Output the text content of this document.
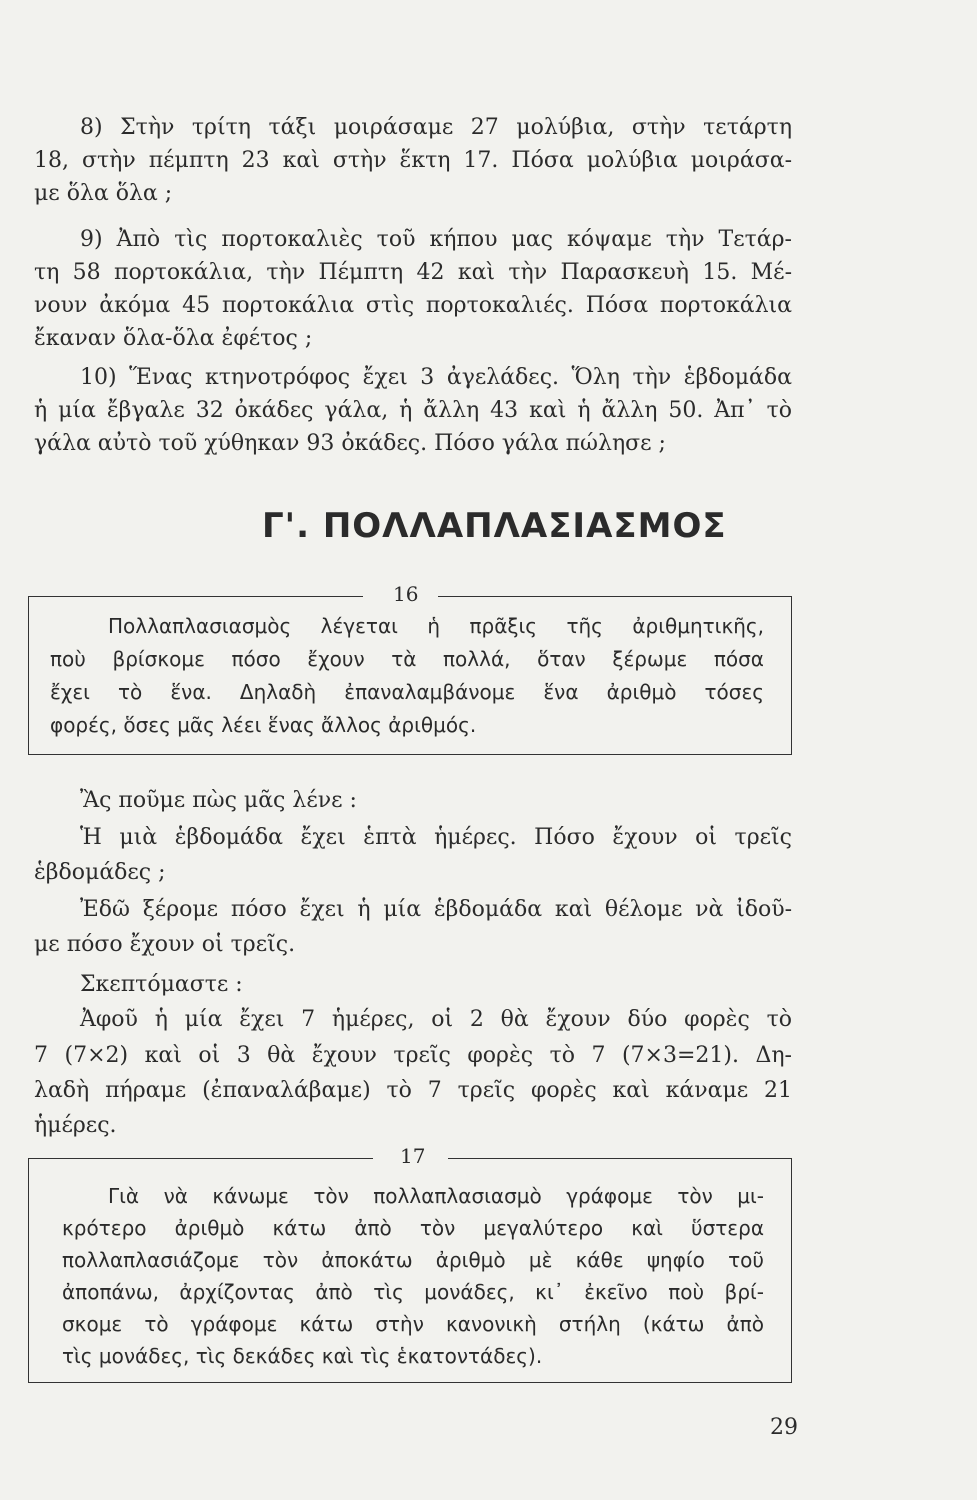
8) Στὴν τρίτη τάξι μοιράσαμε 27 μολύβια, στὴν τετάρτη
18, στὴν πέμπτη 23 καὶ στὴν ἕκτη 17. Πόσα μολύβια μοιράσα-
με ὅλα ὅλα ;
9) Ἀπὸ τὶς πορτοκαλιὲς τοῦ κήπου μας κόψαμε τὴν Τετάρ-
τη 58 πορτοκάλια, τὴν Πέμπτη 42 καὶ τὴν Παρασκευὴ 15. Μέ-
νουν ἀκόμα 45 πορτοκάλια στὶς πορτοκαλιές. Πόσα πορτοκάλια
ἔκαναν ὅλα-ὅλα ἐφέτος ;
10) Ἕνας κτηνοτρόφος ἔχει 3 ἀγελάδες. Ὅλη τὴν ἑβδομάδα
ἡ μία ἔβγαλε 32 ὀκάδες γάλα, ἡ ἄλλη 43 καὶ ἡ ἄλλη 50. Ἀπ᾿ τὸ
γάλα αὐτὸ τοῦ χύθηκαν 93 ὀκάδες. Πόσο γάλα πώλησε ;
Γ'. ΠΟΛΛΑΠΛΑΣΙΑΣΜΟΣ
16
Πολλαπλασιασμὸς λέγεται ἡ πρᾶξις τῆς ἀριθμητικῆς,
ποὺ βρίσκομε πόσο ἔχουν τὰ πολλά, ὅταν ξέρωμε πόσα
ἔχει τὸ ἕνα. Δηλαδὴ ἐπαναλαμβάνομε ἕνα ἀριθμὸ τόσες
φορές, ὅσες μᾶς λέει ἕνας ἄλλος ἀριθμός.
Ἂς ποῦμε πὼς μᾶς λένε :
Ἡ μιὰ ἑβδομάδα ἔχει ἑπτὰ ἡμέρες. Πόσο ἔχουν οἱ τρεῖς
ἑβδομάδες ;
Ἐδῶ ξέρομε πόσο ἔχει ἡ μία ἑβδομάδα καὶ θέλομε νὰ ἰδοῦ-
με πόσο ἔχουν οἱ τρεῖς.
Σκεπτόμαστε :
Ἀφοῦ ἡ μία ἔχει 7 ἡμέρες, οἱ 2 θὰ ἔχουν δύο φορὲς τὸ
7 (7×2) καὶ οἱ 3 θὰ ἔχουν τρεῖς φορὲς τὸ 7 (7×3=21). Δη-
λαδὴ πήραμε (ἐπαναλάβαμε) τὸ 7 τρεῖς φορὲς καὶ κάναμε 21
ἡμέρες.
17
Γιὰ νὰ κάνωμε τὸν πολλαπλασιασμὸ γράφομε τὸν μι-
κρότερο ἀριθμὸ κάτω ἀπὸ τὸν μεγαλύτερο καὶ ὕστερα
πολλαπλασιάζομε τὸν ἀποκάτω ἀριθμὸ μὲ κάθε ψηφίο τοῦ
ἀποπάνω, ἀρχίζοντας ἀπὸ τὶς μονάδες, κι᾿ ἐκεῖνο ποὺ βρί-
σκομε τὸ γράφομε κάτω στὴν κανονικὴ στήλη (κάτω ἀπὸ
τὶς μονάδες, τὶς δεκάδες καὶ τὶς ἑκατοντάδες).
29
